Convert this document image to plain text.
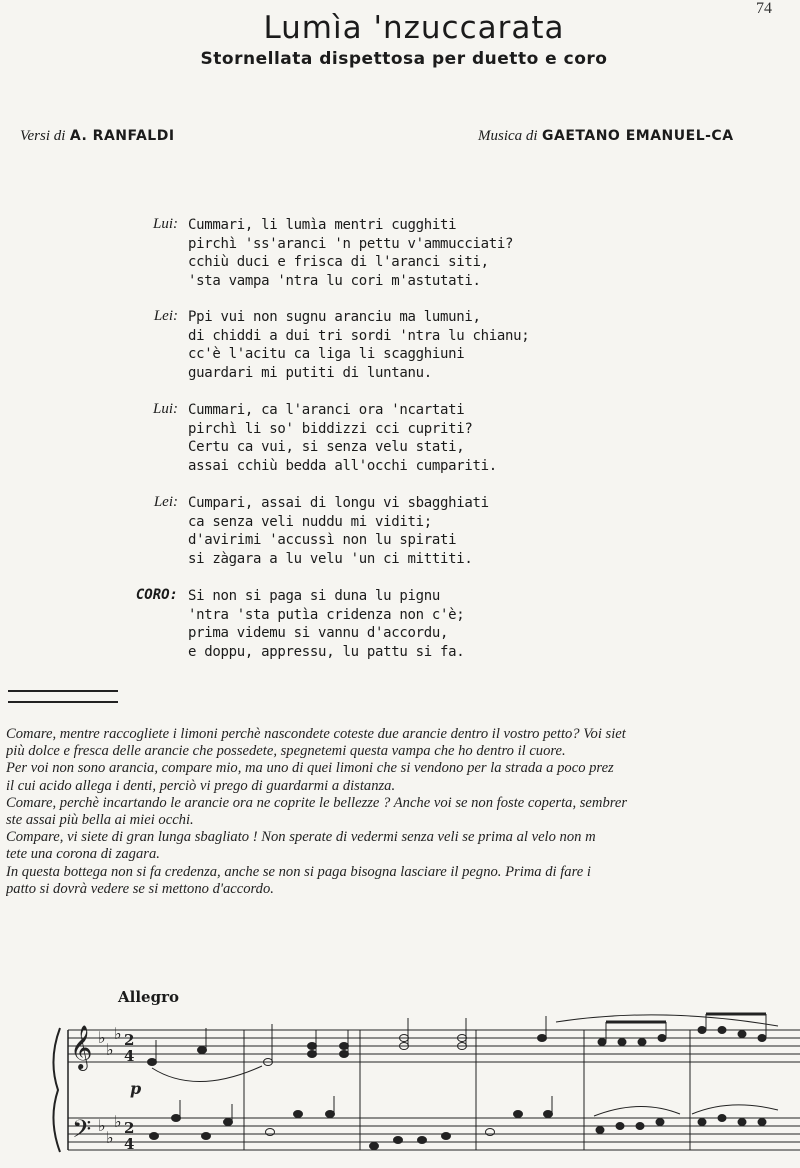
74
Lumìa 'nzuccarata
Stornellata dispettosa per duetto e coro
Versi di A. RANFALDI	Musica di GAETANO EMANUEL-CA
Lui: Cummari, li lumìa mentri cugghiti
pirchì 'ss'aranci 'n pettu v'ammucciati?
cchiù duci e frisca di l'aranci siti,
'sta vampa 'ntra lu cori m'astutati.
Lei: Ppi vui non sugnu aranciu ma lumuni,
di chiddi a dui tri sordi 'ntra lu chianu;
cc'è l'acitu ca liga li scagghiuni
guardari mi putiti di luntanu.
Lui: Cummari, ca l'aranci ora 'ncartati
pirchì li so' biddizzi cci cupriti?
Certu ca vui, si senza velu stati,
assai cchiù bedda all'occhi cumpariti.
Lei: Cumpari, assai di longu vi sbagghiati
ca senza veli nuddu mi viditi;
d'avirimi 'accussì non lu spirati
si zàgara a lu velu 'un ci mittiti.
CORO: Si non si paga si duna lu pignu
'ntra 'sta putìa cridenza non c'è;
prima videmu si vannu d'accordu,
e doppu, appressu, lu pattu si fa.
Comare, mentre raccogliete i limoni perchè nascondete coteste due arancie dentro il vostro petto? Voi siet
più dolce e fresca delle arancie che possedete, spegnetemi questa vampa che ho dentro il cuore.
Per voi non sono arancia, compare mio, ma uno di quei limoni che si vendono per la strada a poco prez
il cui acido allega i denti, perciò vi prego di guardarmi a distanza.
Comare, perchè incartando le arancie ora ne coprite le bellezze ? Anche voi se non foste coperta, sembrer
ste assai più bella ai miei occhi.
Compare, vi siete di gran lunga sbagliato ! Non sperate di vedermi senza veli se prima al velo non m
tete una corona di zagara.
In questa bottega non si fa credenza, anche se non si paga bisogna lasciare il pegno. Prima di fare i
patto si dovrà vedere se si mettono d'accordo.
Allegro
𝄞
𝄢
♭
♭
♭
♭
♭
♭
2
4
2
4
p
